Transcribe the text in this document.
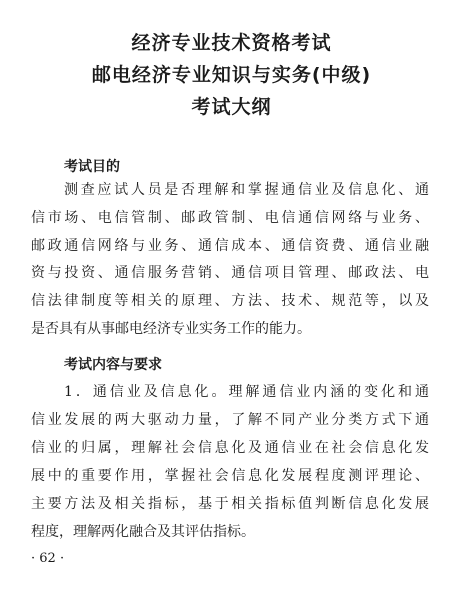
经济专业技术资格考试
邮电经济专业知识与实务(中级)
考试大纲
考试目的
测查应试人员是否理解和掌握通信业及信息化、通
信市场、电信管制、邮政管制、电信通信网络与业务、
邮政通信网络与业务、通信成本、通信资费、通信业融
资与投资、通信服务营销、通信项目管理、邮政法、电
信法律制度等相关的原理、方法、技术、规范等，以及
是否具有从事邮电经济专业实务工作的能力。
考试内容与要求
1．通信业及信息化。理解通信业内涵的变化和通
信业发展的两大驱动力量，了解不同产业分类方式下通
信业的归属，理解社会信息化及通信业在社会信息化发
展中的重要作用，掌握社会信息化发展程度测评理论、
主要方法及相关指标，基于相关指标值判断信息化发展
程度，理解两化融合及其评估指标。
· 62 ·
